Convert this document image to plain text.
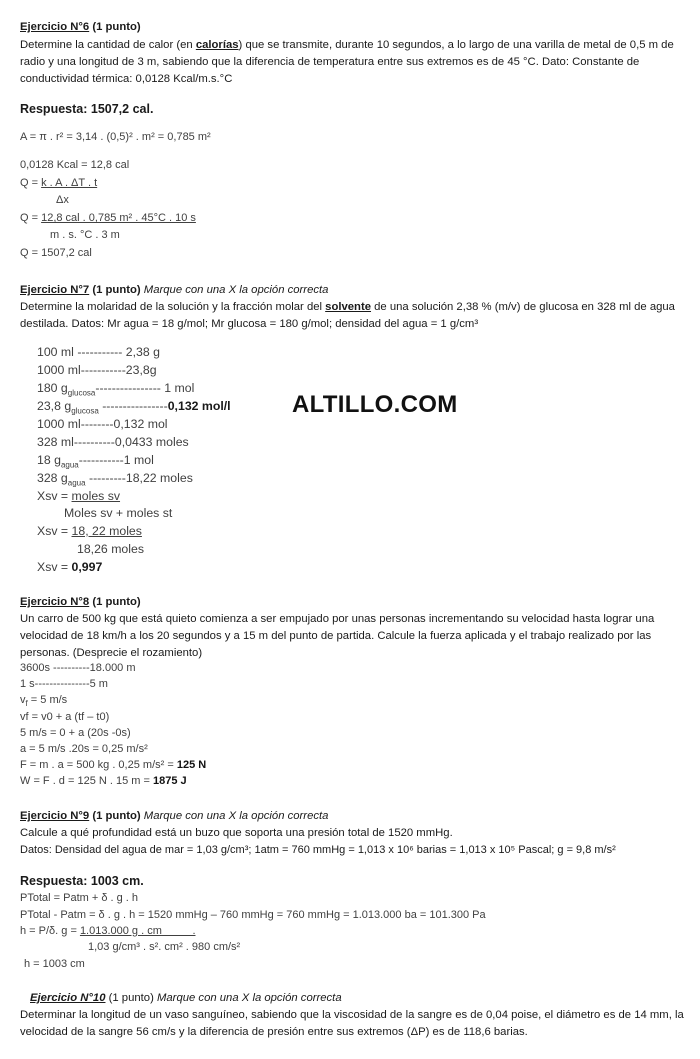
Ejercicio N°6 (1 punto)
Determine la cantidad de calor (en calorías) que se transmite, durante 10 segundos, a lo largo de una varilla de metal de 0,5 m de radio y una longitud de 3 m, sabiendo que la diferencia de temperatura entre sus extremos es de 45 °C. Dato: Constante de conductividad térmica: 0,0128 Kcal/m.s.°C
Respuesta: 1507,2 cal.
A = π . r² = 3,14 . (0,5)² . m² = 0,785 m²
0,0128 Kcal = 12,8 cal
Q = k . A . ΔT . t
Δx
Q = 12,8 cal . 0,785 m² . 45°C . 10 s
m . s. °C . 3 m
Q = 1507,2 cal
Ejercicio N°7 (1 punto) Marque con una X la opción correcta
Determine la molaridad de la solución y la fracción molar del solvente de una solución 2,38 % (m/v) de glucosa en 328 ml de agua destilada. Datos: Mr agua = 18 g/mol; Mr glucosa = 180 g/mol; densidad del agua = 1 g/cm³
100 ml ----------- 2,38 g
1000 ml-----------23,8g
180 $g_{glucosa}----------------$ 1 mol
23,8 $g_{glucosa}$ ----------------0,132 mol/l
1000 ml--------0,132 mol
328 ml----------0,0433 moles
18 $g_{agua}-----------1$ mol
328 $g_{agua}$ ---------18,22 moles
Xsv = moles sv
Moles sv + moles st
Xsv = 18, 22 moles
18,26 moles
Xsv = 0,997
ALTILLO.COM
Ejercicio N°8 (1 punto)
Un carro de 500 kg que está quieto comienza a ser empujado por unas personas incrementando su velocidad hasta lograr una velocidad de 18 km/h a los 20 segundos y a 15 m del punto de partida. Calcule la fuerza aplicada y el trabajo realizado por las personas. (Desprecie el rozamiento)
3600s ----------18.000 m
1 s---------------5 m
$v_f = 5$ m/s
vf = v0 + a (tf – t0)
5 m/s = 0 + a (20s -0s)
a = 5 m/s .20s = 0,25 m/s²
F = m . a = 500 kg . 0,25 m/s² = 125 N
W = F . d = 125 N . 15 m = 1875 J
Ejercicio N°9 (1 punto) Marque con una X la opción correcta
Calcule a qué profundidad está un buzo que soporta una presión total de 1520 mmHg.
Datos: Densidad del agua de mar = 1,03 g/cm³; 1atm = 760 mmHg = 1,013 x 10⁶ barias = 1,013 x 10⁵ Pascal; g = 9,8 m/s²
Respuesta: 1003 cm.
PTotal = Patm + δ . g . h
PTotal - Patm = δ . g . h = 1520 mmHg – 760 mmHg = 760 mmHg = 1.013.000 ba = 101.300 Pa
h = P/δ. g = 1.013.000 g . cm          .
1,03 g/cm³ . s². cm² . 980 cm/s²
h = 1003 cm
Ejercicio N°10 (1 punto) Marque con una X la opción correcta
Determinar la longitud de un vaso sanguíneo, sabiendo que la viscosidad de la sangre es de 0,04 poise, el diámetro es de 14 mm, la velocidad de la sangre 56 cm/s y la diferencia de presión entre sus extremos (ΔP) es de 118,6 barias.
